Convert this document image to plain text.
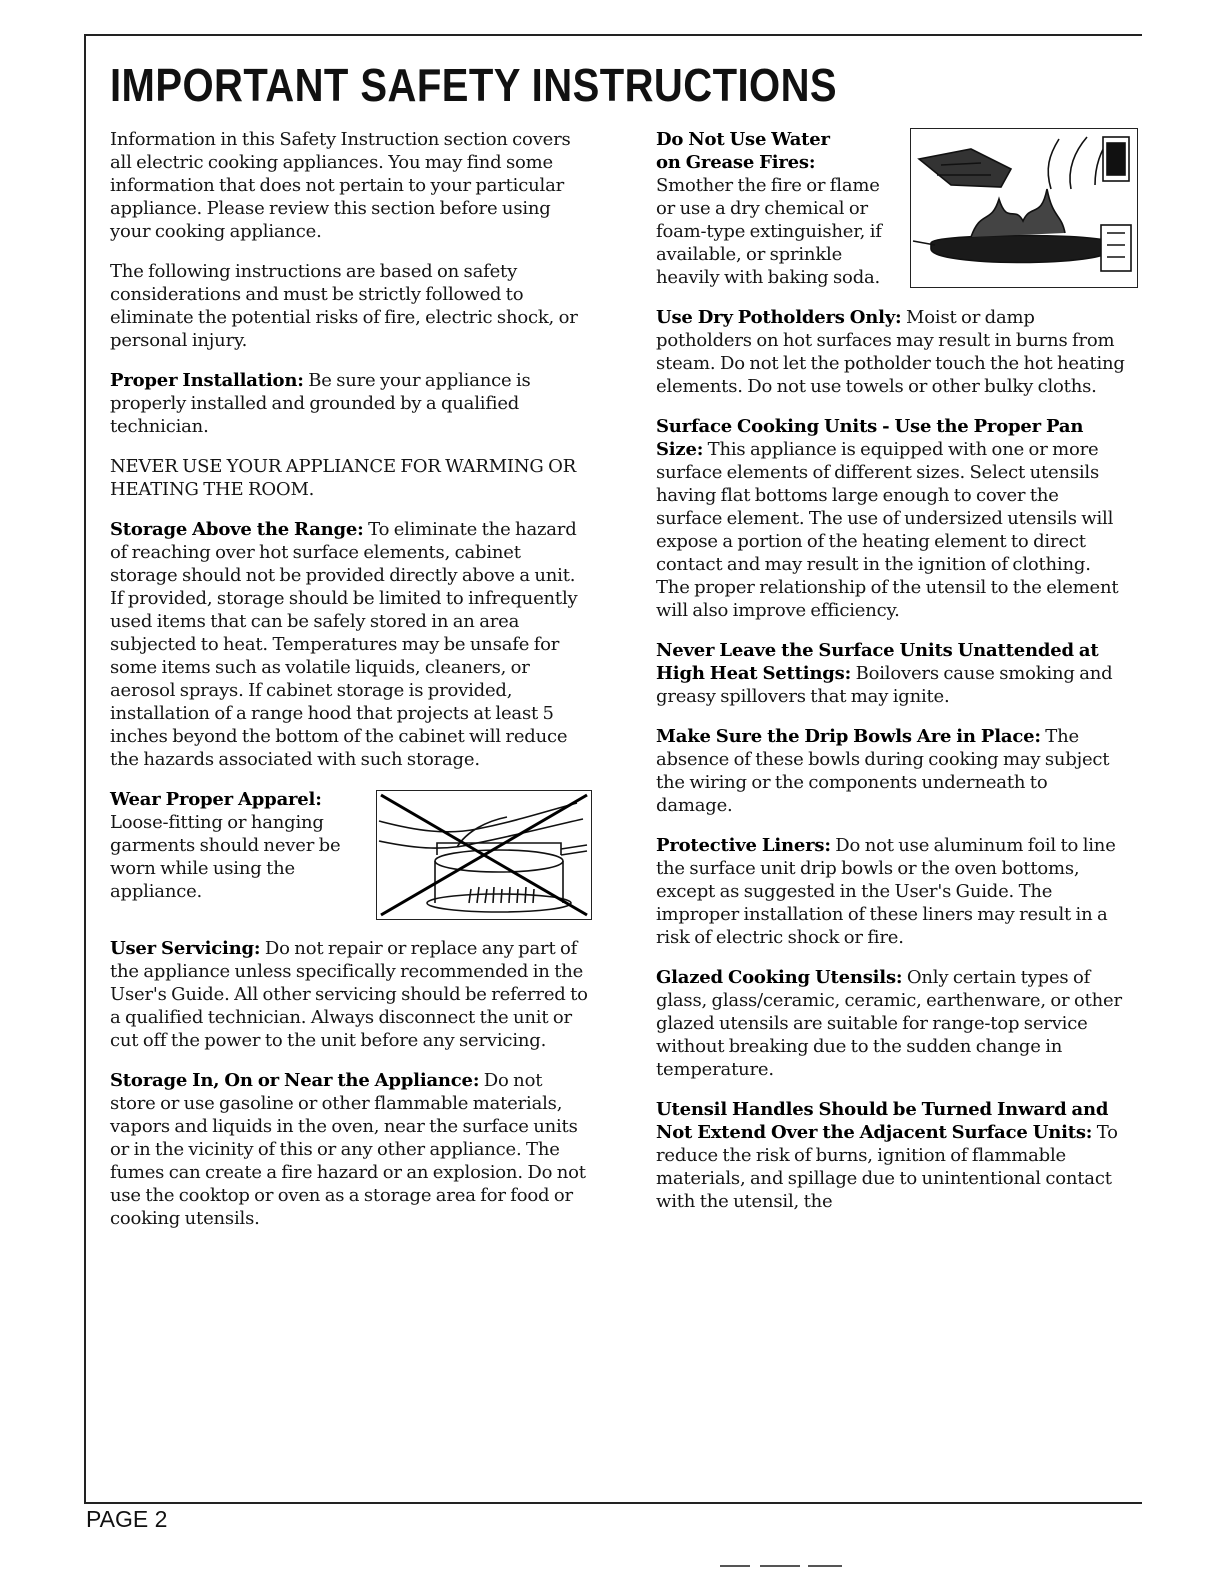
IMPORTANT SAFETY INSTRUCTIONS

Information in this Safety Instruction section covers all electric cooking appliances. You may find some information that does not pertain to your particular appliance. Please review this section before using your cooking appliance.

The following instructions are based on safety considerations and must be strictly followed to eliminate the potential risks of fire, electric shock, or personal injury.

Proper Installation: Be sure your appliance is properly installed and grounded by a qualified technician.

NEVER USE YOUR APPLIANCE FOR WARMING OR HEATING THE ROOM.

Storage Above the Range: To eliminate the hazard of reaching over hot surface elements, cabinet storage should not be provided directly above a unit. If provided, storage should be limited to infrequently used items that can be safely stored in an area subjected to heat. Temperatures may be unsafe for some items such as volatile liquids, cleaners, or aerosol sprays. If cabinet storage is provided, installation of a range hood that projects at least 5 inches beyond the bottom of the cabinet will reduce the hazards associated with such storage.

Wear Proper Apparel:
Loose-fitting or hanging garments should never be worn while using the appliance.

User Servicing: Do not repair or replace any part of the appliance unless specifically recommended in the User's Guide. All other servicing should be referred to a qualified technician. Always disconnect the unit or cut off the power to the unit before any servicing.

Storage In, On or Near the Appliance: Do not store or use gasoline or other flammable materials, vapors and liquids in the oven, near the surface units or in the vicinity of this or any other appliance. The fumes can create a fire hazard or an explosion. Do not use the cooktop or oven as a storage area for food or cooking utensils.

Do Not Use Water
on Grease Fires:
Smother the fire or flame or use a dry chemical or foam-type extinguisher, if available, or sprinkle heavily with baking soda.

Use Dry Potholders Only: Moist or damp potholders on hot surfaces may result in burns from steam. Do not let the potholder touch the hot heating elements. Do not use towels or other bulky cloths.

Surface Cooking Units - Use the Proper Pan Size: This appliance is equipped with one or more surface elements of different sizes. Select utensils having flat bottoms large enough to cover the surface element. The use of undersized utensils will expose a portion of the heating element to direct contact and may result in the ignition of clothing. The proper relationship of the utensil to the element will also improve efficiency.

Never Leave the Surface Units Unattended at High Heat Settings: Boilovers cause smoking and greasy spillovers that may ignite.

Make Sure the Drip Bowls Are in Place: The absence of these bowls during cooking may subject the wiring or the components underneath to damage.

Protective Liners: Do not use aluminum foil to line the surface unit drip bowls or the oven bottoms, except as suggested in the User's Guide. The improper installation of these liners may result in a risk of electric shock or fire.

Glazed Cooking Utensils: Only certain types of glass, glass/ceramic, ceramic, earthenware, or other glazed utensils are suitable for range-top service without breaking due to the sudden change in temperature.

Utensil Handles Should be Turned Inward and Not Extend Over the Adjacent Surface Units: To reduce the risk of burns, ignition of flammable materials, and spillage due to unintentional contact with the utensil, the

PAGE 2
